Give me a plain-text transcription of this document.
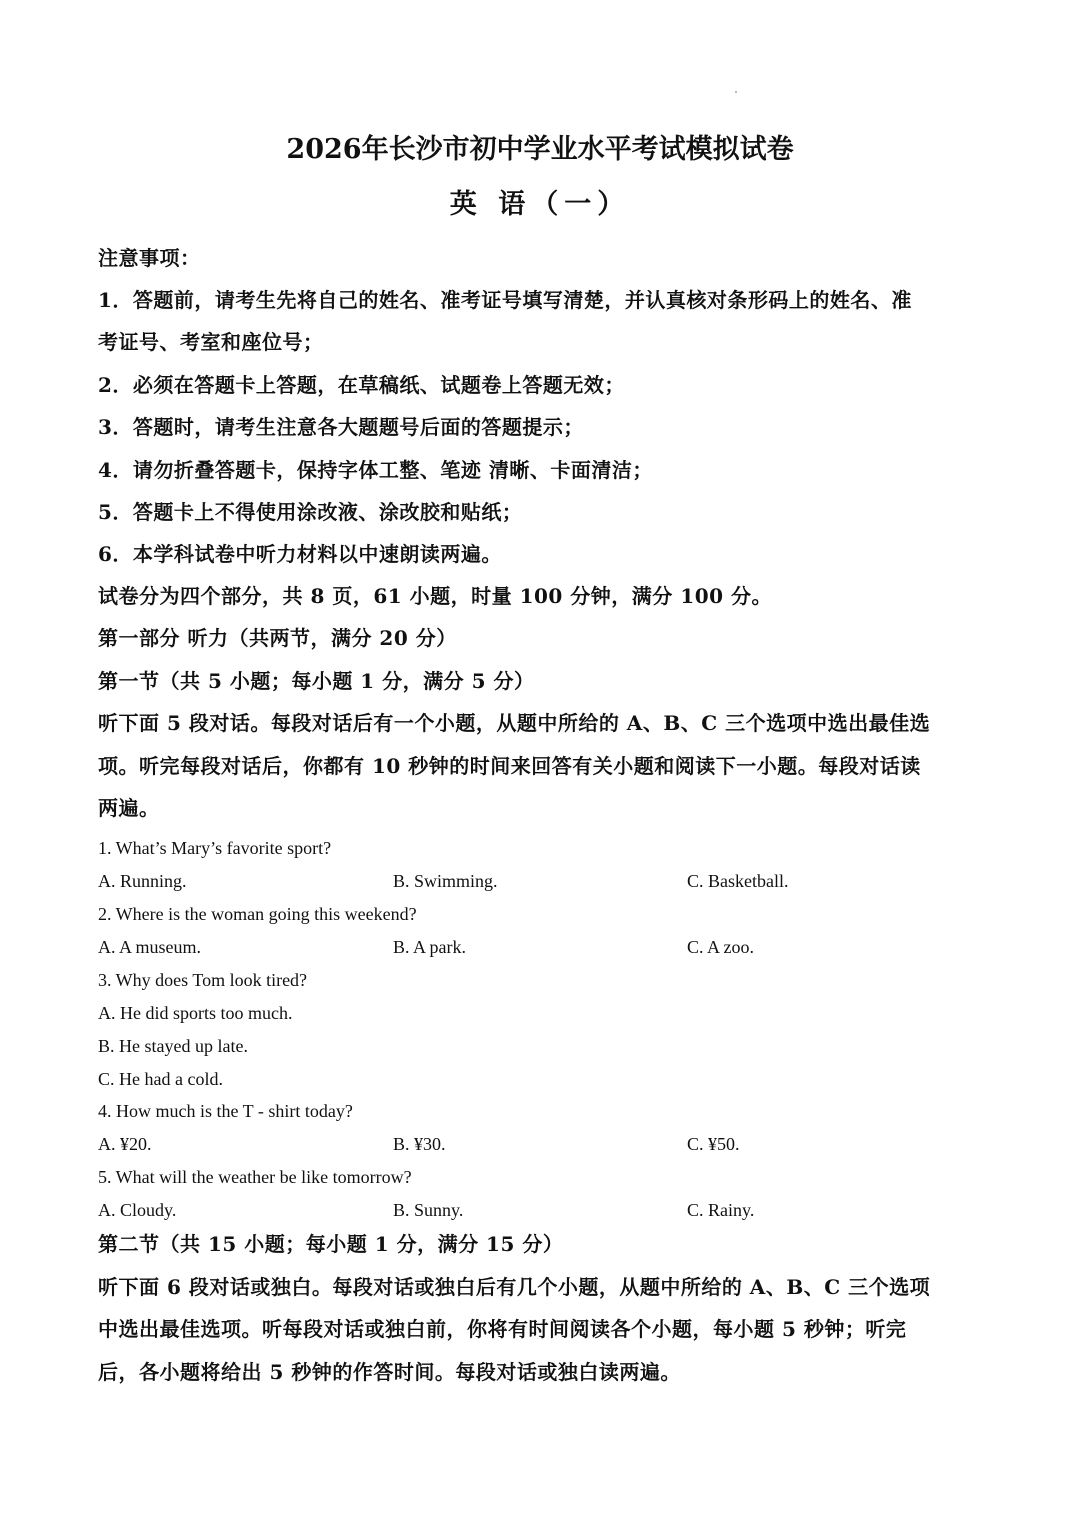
2026年长沙市初中学业水平考试模拟试卷
英 语（一）
注意事项：
1．答题前，请考生先将自己的姓名、准考证号填写清楚，并认真核对条形码上的姓名、准
考证号、考室和座位号；
2．必须在答题卡上答题，在草稿纸、试题卷上答题无效；
3．答题时，请考生注意各大题题号后面的答题提示；
4．请勿折叠答题卡，保持字体工整、笔迹 清晰、卡面清洁；
5．答题卡上不得使用涂改液、涂改胶和贴纸；
6．本学科试卷中听力材料以中速朗读两遍。
试卷分为四个部分，共 8 页，61 小题，时量 100 分钟，满分 100 分。
第一部分 听力（共两节，满分 20 分）
第一节（共 5 小题；每小题 1 分，满分 5 分）
听下面 5 段对话。每段对话后有一个小题，从题中所给的 A、B、C 三个选项中选出最佳选
项。听完每段对话后，你都有 10 秒钟的时间来回答有关小题和阅读下一小题。每段对话读
两遍。
1. What’s Mary’s favorite sport?
A. Running.	B. Swimming.	C. Basketball.
2. Where is the woman going this weekend?
A. A museum.	B. A park.	C. A zoo.
3. Why does Tom look tired?
A. He did sports too much.
B. He stayed up late.
C. He had a cold.
4. How much is the T - shirt today?
A. ¥20.	B. ¥30.	C. ¥50.
5. What will the weather be like tomorrow?
A. Cloudy.	B. Sunny.	C. Rainy.
第二节（共 15 小题；每小题 1 分，满分 15 分）
听下面 6 段对话或独白。每段对话或独白后有几个小题，从题中所给的 A、B、C 三个选项
中选出最佳选项。听每段对话或独白前，你将有时间阅读各个小题，每小题 5 秒钟；听完
后，各小题将给出 5 秒钟的作答时间。每段对话或独白读两遍。
